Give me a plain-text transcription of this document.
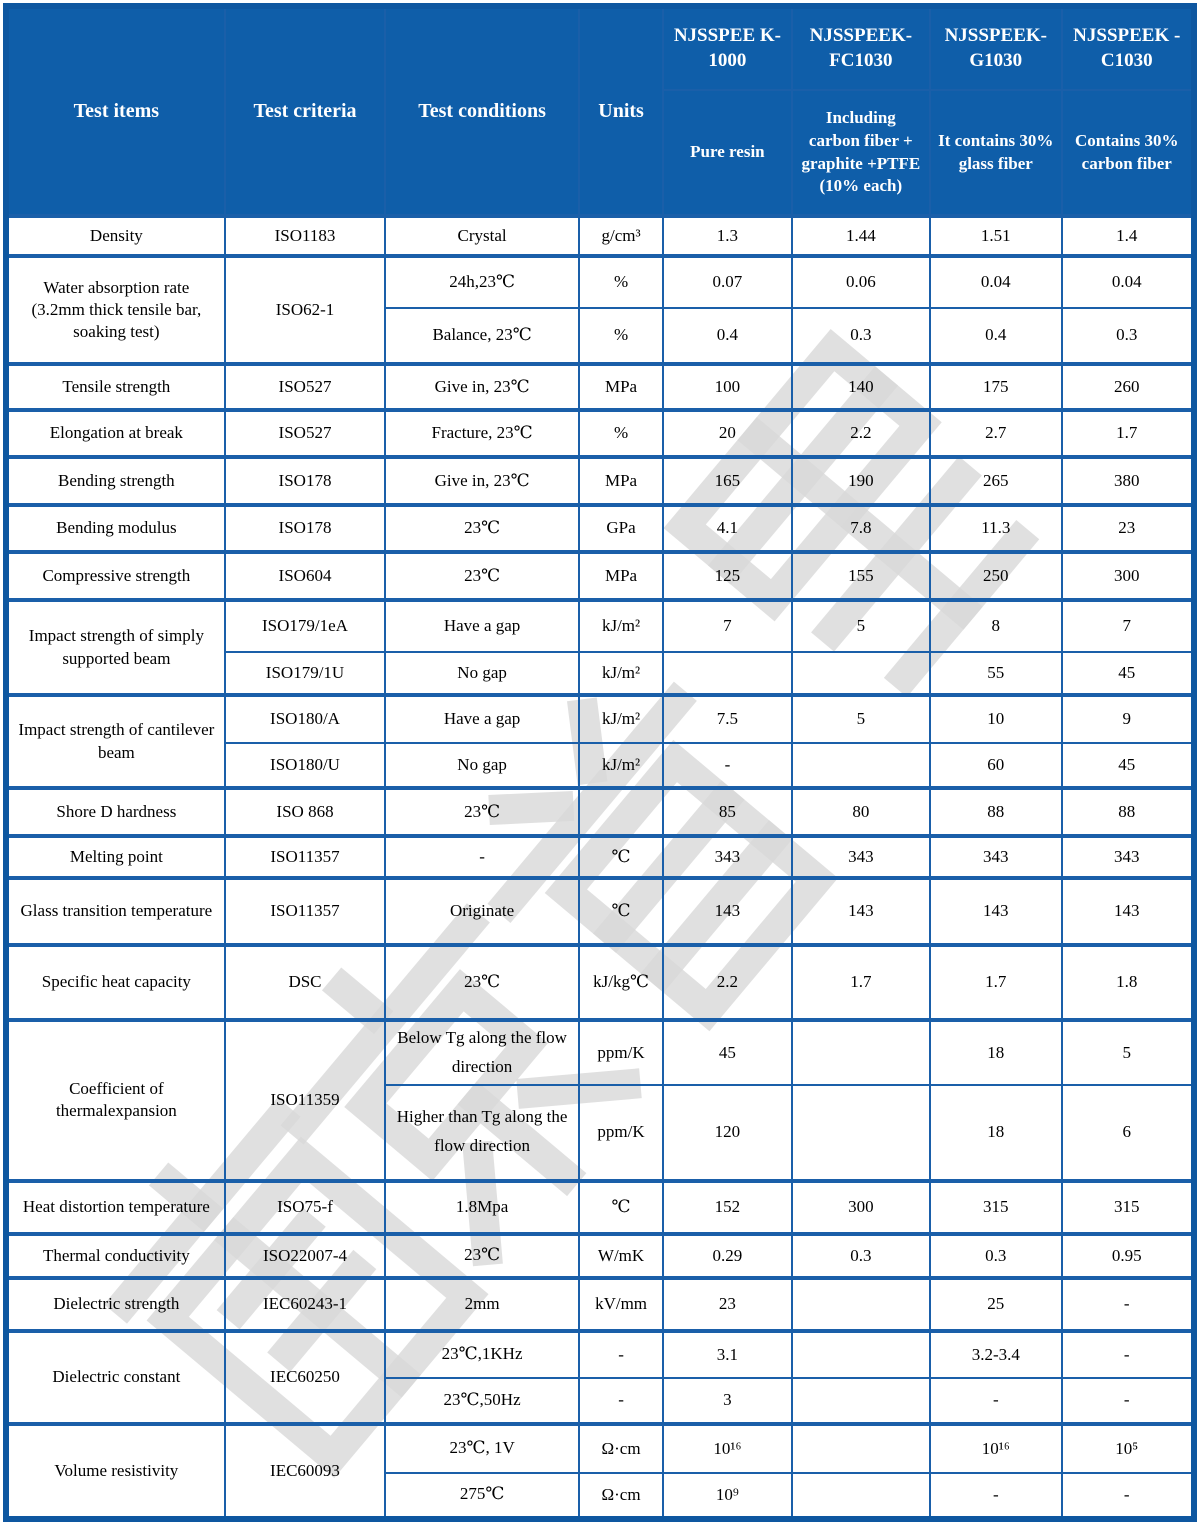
Test items	Test criteria	Test conditions	Units	NJSSPEE K-1000	NJSSPEEK-FC1030	NJSSPEEK-G1030	NJSSPEEK -C1030
				Pure resin	Including carbon fiber + graphite +PTFE (10% each)	It contains 30% glass fiber	Contains 30% carbon fiber
Density	ISO1183	Crystal	g/cm³	1.3	1.44	1.51	1.4
Water absorption rate (3.2mm thick tensile bar, soaking test)	ISO62-1	24h,23℃	%	0.07	0.06	0.04	0.04
		Balance, 23℃	%	0.4	0.3	0.4	0.3
Tensile strength	ISO527	Give in, 23℃	MPa	100	140	175	260
Elongation at break	ISO527	Fracture, 23℃	%	20	2.2	2.7	1.7
Bending strength	ISO178	Give in, 23℃	MPa	165	190	265	380
Bending modulus	ISO178	23℃	GPa	4.1	7.8	11.3	23
Compressive strength	ISO604	23℃	MPa	125	155	250	300
Impact strength of simply supported beam	ISO179/1eA	Have a gap	kJ/m²	7	5	8	7
	ISO179/1U	No gap	kJ/m²			55	45
Impact strength of cantilever beam	ISO180/A	Have a gap	kJ/m²	7.5	5	10	9
	ISO180/U	No gap	kJ/m²	-		60	45
Shore D hardness	ISO 868	23℃		85	80	88	88
Melting point	ISO11357	-	℃	343	343	343	343
Glass transition temperature	ISO11357	Originate	℃	143	143	143	143
Specific heat capacity	DSC	23℃	kJ/kg℃	2.2	1.7	1.7	1.8
Coefficient of thermalexpansion	ISO11359	Below Tg along the flow direction	ppm/K	45		18	5
		Higher than Tg along the flow direction	ppm/K	120		18	6
Heat distortion temperature	ISO75-f	1.8Mpa	℃	152	300	315	315
Thermal conductivity	ISO22007-4	23℃	W/mK	0.29	0.3	0.3	0.95
Dielectric strength	IEC60243-1	2mm	kV/mm	23		25	-
Dielectric constant	IEC60250	23℃,1KHz	-	3.1		3.2-3.4	-
		23℃,50Hz	-	3		-	-
Volume resistivity	IEC60093	23℃, 1V	Ω·cm	10¹⁶		10¹⁶	10⁵
		275℃	Ω·cm	10⁹		-	-
